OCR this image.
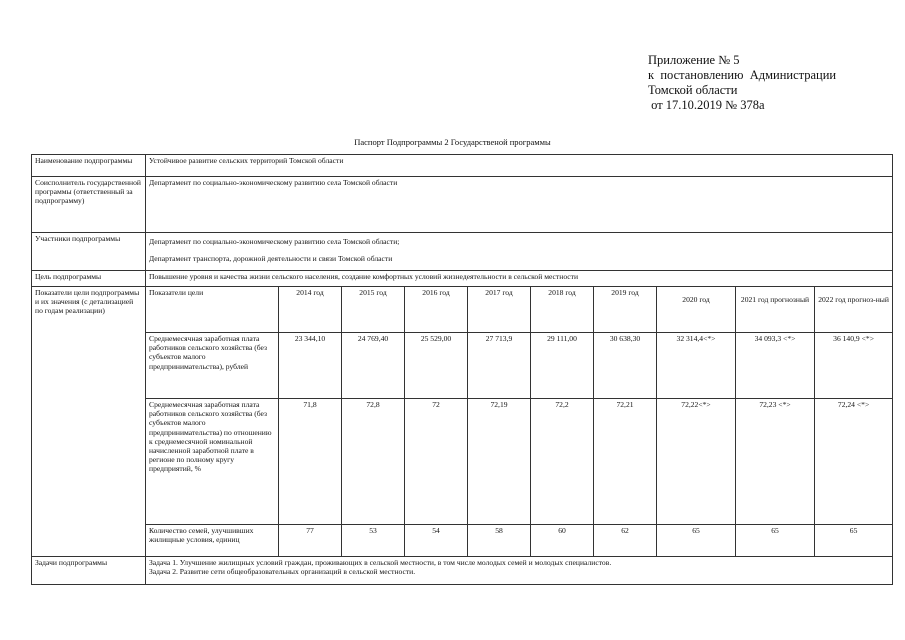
Приложение № 5
к  постановлению  Администрации
Томской области
от 17.10.2019 № 378а
Паспорт Подпрограммы 2 Государственой программы
Наименование подпрограммы	Устойчивое развитие сельских территорий Томской области									
Соисполнитель государственной программы (ответственный за подпрограмму)	Департамент по социально-экономическому развитию села Томской области									
Участники подпрограммы	Департамент по социально-экономическому развитию села Томской области;
Департамент транспорта, дорожной деятельности и связи Томской области									

Цель подпрограммы	Повышение уровня и качества жизни сельского населения, создание комфортных условий жизнедеятельности в сельской местности									
Показатели цели подпрограммы и их значения (с детализацией по годам реализации)	Показатели цели	2014 год	2015 год	2016 год	2017 год	2018 год	2019 год	2020 год	2021 год прогнозный	2022 год прогноз-ный
	Среднемесячная заработная плата работников сельского хозяйства (без субъектов малого предпринимательства), рублей	23 344,10	24 769,40	25 529,00	27 713,9	29 111,00	30 638,30	32 314,4<*>	34 093,3 <*>	36 140,9 <*>
	Среднемесячная заработная плата работников сельского хозяйства (без субъектов малого предпринимательства) по отношению к среднемесячной номинальной начисленной заработной плате в регионе по полному кругу предприятий, %	71,8	72,8	72	72,19	72,2	72,21	72,22<*>	72,23 <*>	72,24 <*>
	Количество семей, улучшивших жилищные условия, единиц	77	53	54	58	60	62	65	65	65
Задачи подпрограммы	Задача 1. Улучшение жилищных условий граждан, проживающих в сельской местности, в том числе молодых семей и молодых специалистов.
Задача 2. Развитие сети общеобразовательных организаций в сельской местности.									
